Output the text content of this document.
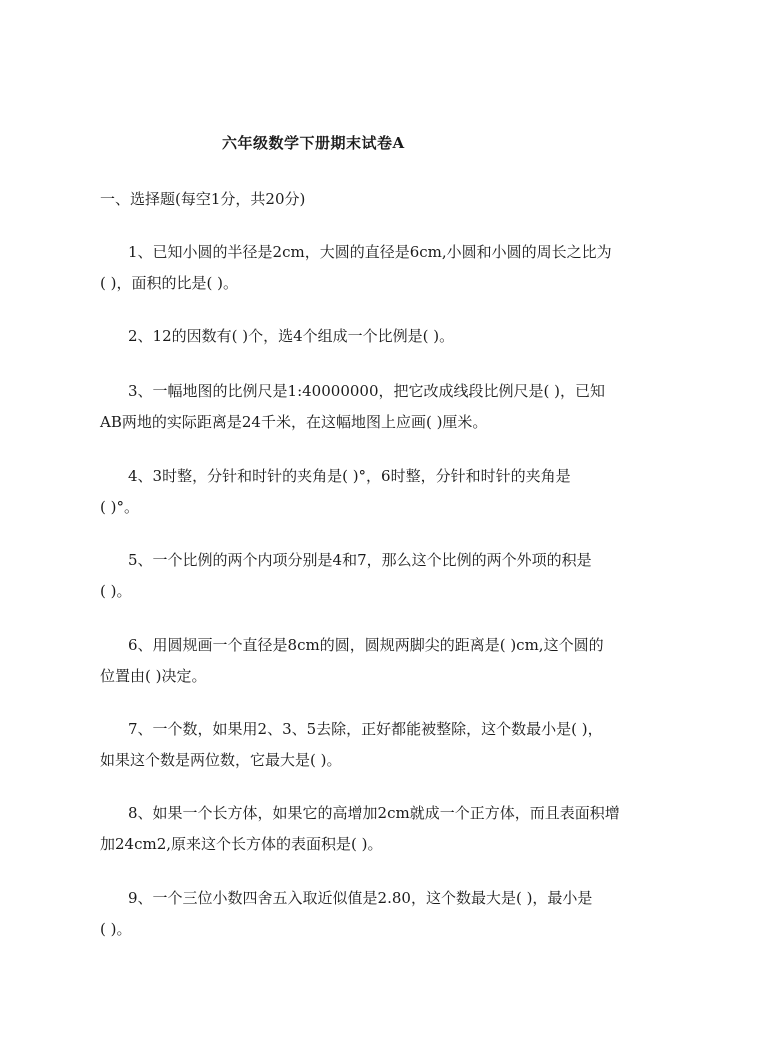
六年级数学下册期末试卷A
一、选择题(每空1分，共20分)
1、已知小圆的半径是2cm，大圆的直径是6cm,小圆和小圆的周长之比为
( )，面积的比是( )。
2、12的因数有( )个，选4个组成一个比例是( )。
3、一幅地图的比例尺是1:40000000，把它改成线段比例尺是( )，已知
AB两地的实际距离是24千米，在这幅地图上应画( )厘米。
4、3时整，分针和时针的夹角是( )°，6时整，分针和时针的夹角是
( )°。
5、一个比例的两个内项分别是4和7，那么这个比例的两个外项的积是
( )。
6、用圆规画一个直径是8cm的圆，圆规两脚尖的距离是( )cm,这个圆的
位置由( )决定。
7、一个数，如果用2、3、5去除，正好都能被整除，这个数最小是( )，
如果这个数是两位数，它最大是( )。
8、如果一个长方体，如果它的高增加2cm就成一个正方体，而且表面积增
加24cm2,原来这个长方体的表面积是( )。
9、一个三位小数四舍五入取近似值是2.80，这个数最大是( )，最小是
( )。
